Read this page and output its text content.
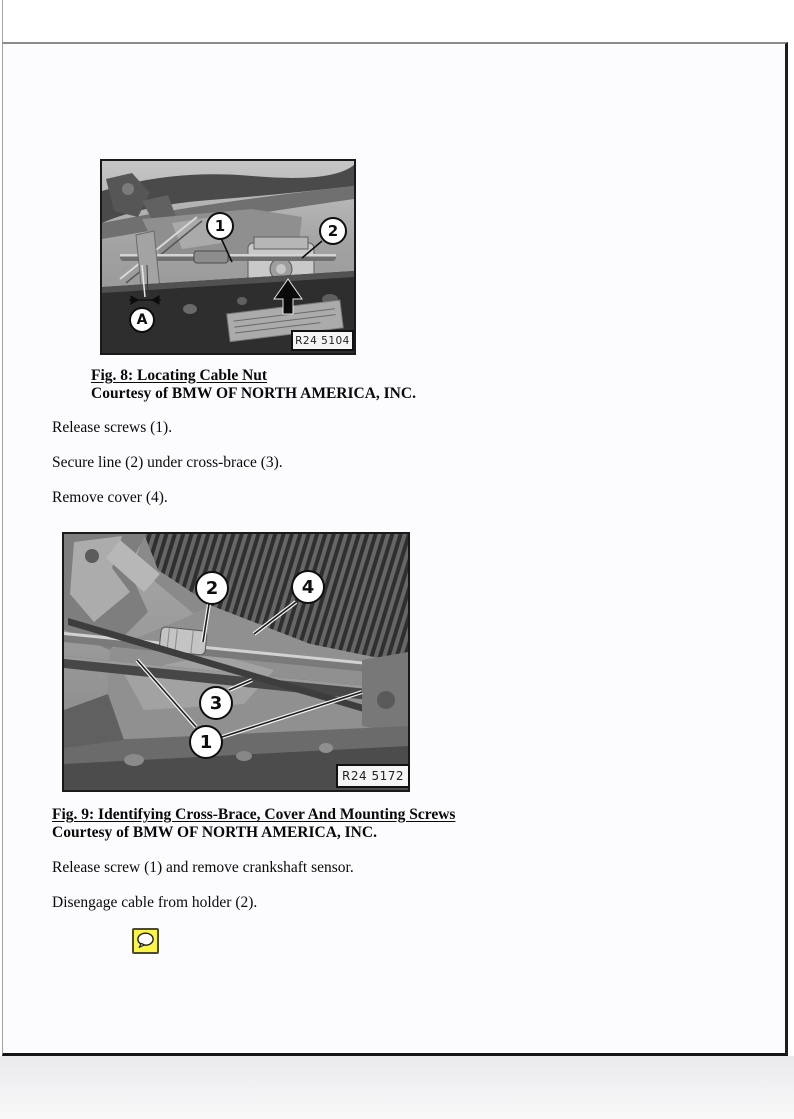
1	2
A
R24 5104
Fig. 8: Locating Cable Nut
Courtesy of BMW OF NORTH AMERICA, INC.

Release screws (1).

Secure line (2) under cross-brace (3).

Remove cover (4).

2	4
3
1
R24 5172
Fig. 9: Identifying Cross-Brace, Cover And Mounting Screws
Courtesy of BMW OF NORTH AMERICA, INC.

Release screw (1) and remove crankshaft sensor.

Disengage cable from holder (2).
